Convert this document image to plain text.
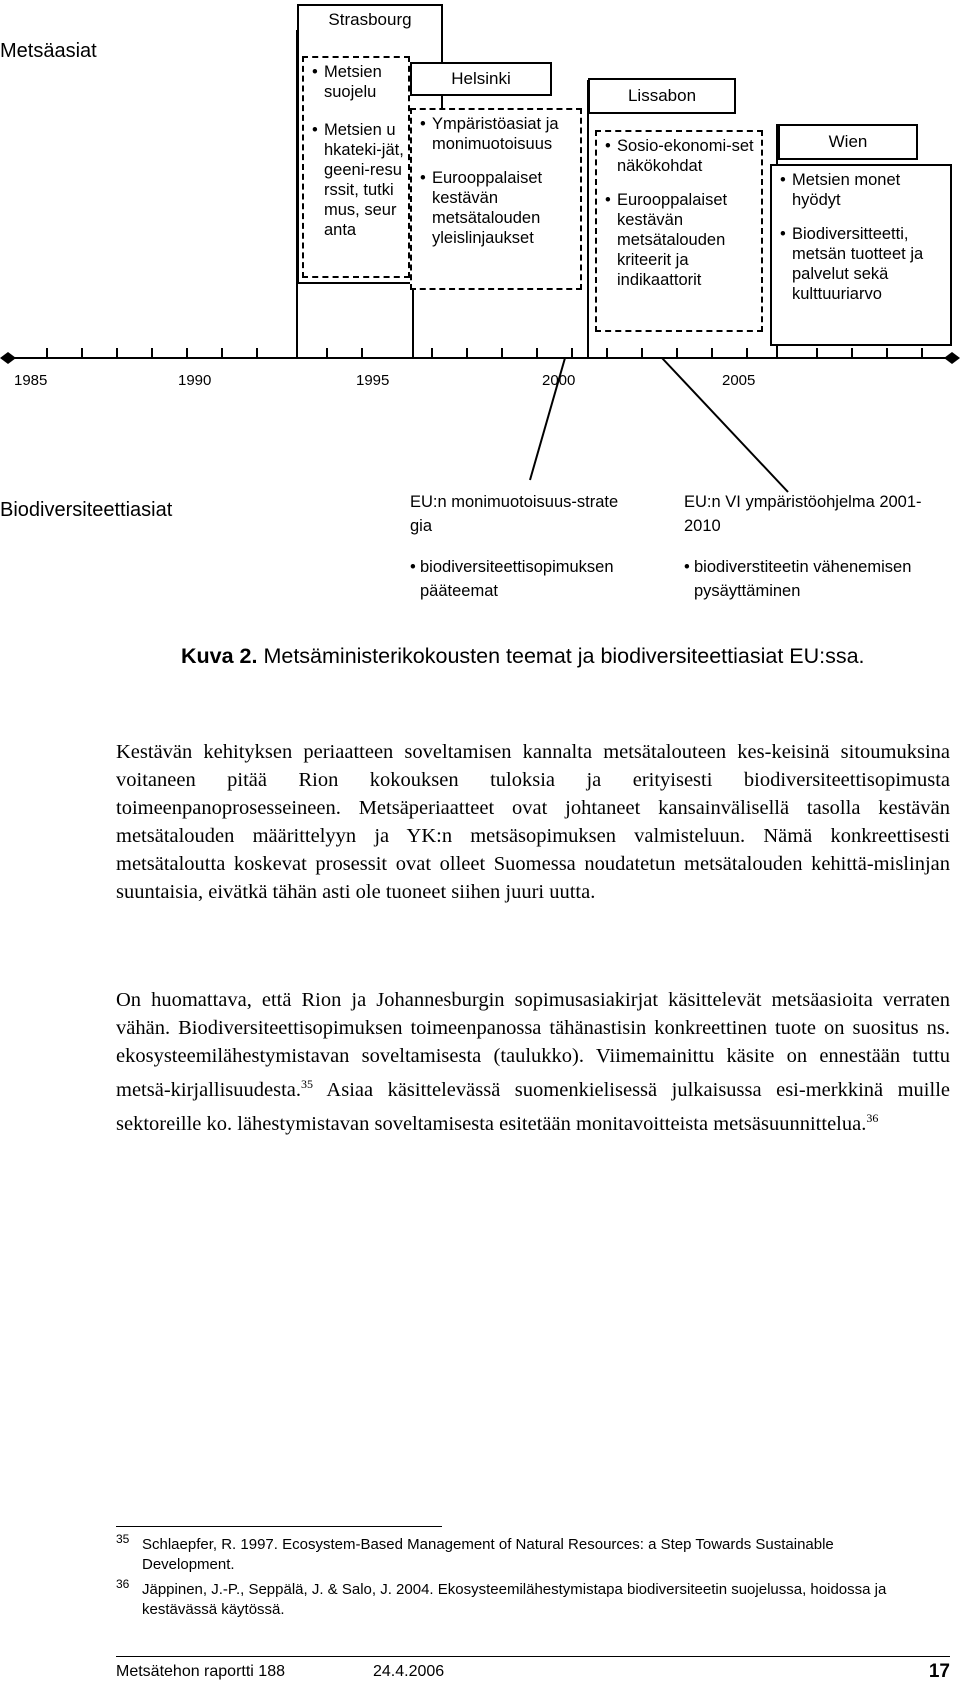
Metsäasiat
Strasbourg
• Metsien suojelu
• Metsien uhkateki-jät, geeni-resurssit, tutkimus, seuranta
Helsinki
• Ympäristöasiat ja monimuotoisuus
• Eurooppalaiset kestävän metsätalouden yleislinjaukset
Lissabon
• Sosio-ekonomi-set näkökohdat
• Eurooppalaiset kestävän metsätalouden kriteerit ja indikaattorit
Wien
• Metsien monet hyödyt
• Biodiversitteetti, metsän tuotteet ja palvelut sekä kulttuuriarvo
1985	1990	1995	2000	2005
Biodiversiteettiasiat	EU:n monimuotoisuus-strategia
• biodiversiteettisopimuksen pääteemat
EU:n VI ympäristöohjelma 2001-2010
• biodiverstiteetin vähenemisen pysäyttäminen
Kuva 2. Metsäministerikokousten teemat ja biodiversiteettiasiat EU:ssa.

Kestävän kehityksen periaatteen soveltamisen kannalta metsätalouteen kes-keisinä sitoumuksina voitaneen pitää Rion kokouksen tuloksia ja erityisesti biodiversiteettisopimusta toimeenpanoprosesseineen. Metsäperiaatteet ovat johtaneet kansainvälisellä tasolla kestävän metsätalouden määrittelyyn ja YK:n metsäsopimuksen valmisteluun. Nämä konkreettisesti metsätaloutta koskevat prosessit ovat olleet Suomessa noudatetun metsätalouden kehittä-mislinjan suuntaisia, eivätkä tähän asti ole tuoneet siihen juuri uutta.

On huomattava, että Rion ja Johannesburgin sopimusasiakirjat käsittelevät metsäasioita verraten vähän. Biodiversiteettisopimuksen toimeenpanossa tähänastisin konkreettinen tuote on suositus ns. ekosysteemilähestymistavan soveltamisesta (taulukko). Viimemainittu käsite on ennestään tuttu metsä-kirjallisuudesta.$^{35}$ Asiaa käsittelevässä suomenkielisessä julkaisussa esi-merkkinä muille sektoreille ko. lähestymistavan soveltamisesta esitetään monitavoitteista metsäsuunnittelua.$^{36}$

35 Schlaepfer, R. 1997. Ecosystem-Based Management of Natural Resources: a Step Towards Sustainable Development.
36 Jäppinen, J.-P., Seppälä, J. & Salo, J. 2004. Ekosysteemilähestymistapa biodiversiteetin suojelussa, hoidossa ja kestävässä käytössä.
Metsätehon raportti 188	24.4.2006	17
